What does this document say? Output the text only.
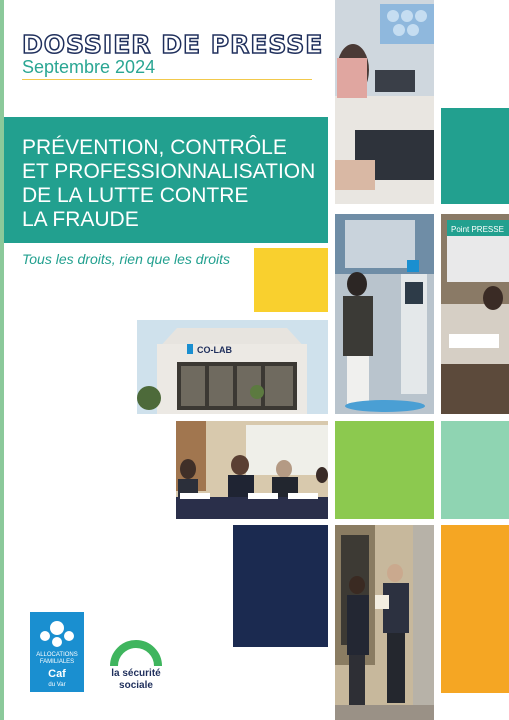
DOSSIER DE PRESSE
Septembre 2024
PRÉVENTION, CONTRÔLE
ET PROFESSIONNALISATION
DE LA LUTTE CONTRE
LA FRAUDE
Tous les droits, rien que les droits
Point PRESSE
CO-LAB
ALLOCATIONS
FAMILIALES
Caf
du Var
la sécurité
sociale
